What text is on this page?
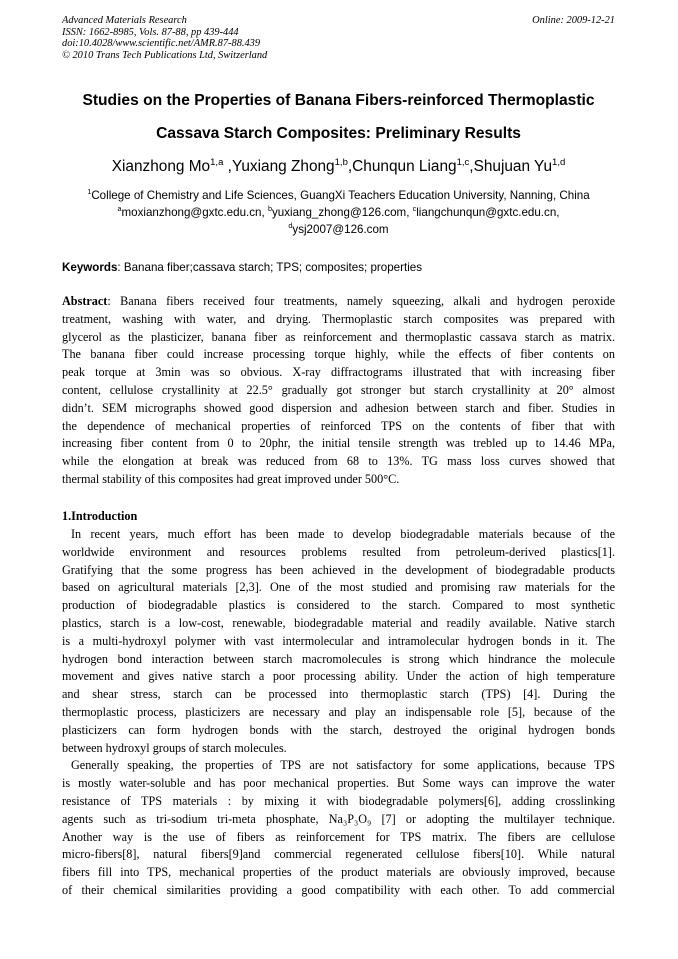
Advanced Materials Research
ISSN: 1662-8985, Vols. 87-88, pp 439-444
doi:10.4028/www.scientific.net/AMR.87-88.439
© 2010 Trans Tech Publications Ltd, Switzerland
Online: 2009-12-21
Studies on the Properties of Banana Fibers-reinforced Thermoplastic
Cassava Starch Composites: Preliminary Results
Xianzhong Mo$^{1,a}$ ,Yuxiang Zhong$^{1,b}$,Chunqun Liang$^{1,c}$,Shujuan Yu$^{1,d}$
$^1$College of Chemistry and Life Sciences, GuangXi Teachers Education University, Nanning, China
$^a$moxianzhong@gxtc.edu.cn, $^b$yuxiang_zhong@126.com, $^c$liangchunqun@gxtc.edu.cn,
$^d$ysj2007@126.com
Keywords: Banana fiber;cassava starch; TPS; composites; properties
Abstract: Banana fibers received four treatments, namely squeezing, alkali and hydrogen peroxide
treatment, washing with water, and drying. Thermoplastic starch composites was prepared with
glycerol as the plasticizer, banana fiber as reinforcement and thermoplastic cassava starch as matrix.
The banana fiber could increase processing torque highly, while the effects of fiber contents on
peak torque at 3min was so obvious. X-ray diffractograms illustrated that with increasing fiber
content, cellulose crystallinity at 22.5° gradually got stronger but starch crystallinity at 20° almost
didn’t. SEM micrographs showed good dispersion and adhesion between starch and fiber. Studies in
the dependence of mechanical properties of reinforced TPS on the contents of fiber that with
increasing fiber content from 0 to 20phr, the initial tensile strength was trebled up to 14.46 MPa,
while the elongation at break was reduced from 68 to 13%. TG mass loss curves showed that
thermal stability of this composites had great improved under 500°C.
1.Introduction
In recent years, much effort has been made to develop biodegradable materials because of the
worldwide environment and resources problems resulted from petroleum-derived plastics[1].
Gratifying that the some progress has been achieved in the development of biodegradable products
based on agricultural materials [2,3]. One of the most studied and promising raw materials for the
production of biodegradable plastics is considered to the starch. Compared to most synthetic
plastics, starch is a low-cost, renewable, biodegradable material and readily available. Native starch
is a multi-hydroxyl polymer with vast intermolecular and intramolecular hydrogen bonds in it. The
hydrogen bond interaction between starch macromolecules is strong which hindrance the molecule
movement and gives native starch a poor processing ability. Under the action of high temperature
and shear stress, starch can be processed into thermoplastic starch (TPS) [4]. During the
thermoplastic process, plasticizers are necessary and play an indispensable role [5], because of the
plasticizers can form hydrogen bonds with the starch, destroyed the original hydrogen bonds
between hydroxyl groups of starch molecules.
Generally speaking, the properties of TPS are not satisfactory for some applications, because TPS
is mostly water-soluble and has poor mechanical properties. But Some ways can improve the water
resistance of TPS materials : by mixing it with biodegradable polymers[6], adding crosslinking
agents such as tri-sodium tri-meta phosphate, Na₃P₃O₉ [7] or adopting the multilayer technique.
Another way is the use of fibers as reinforcement for TPS matrix. The fibers are cellulose
micro-fibers[8], natural fibers[9]and commercial regenerated cellulose fibers[10]. While natural
fibers fill into TPS, mechanical properties of the product materials are obviously improved, because
of their chemical similarities providing a good compatibility with each other. To add commercial
